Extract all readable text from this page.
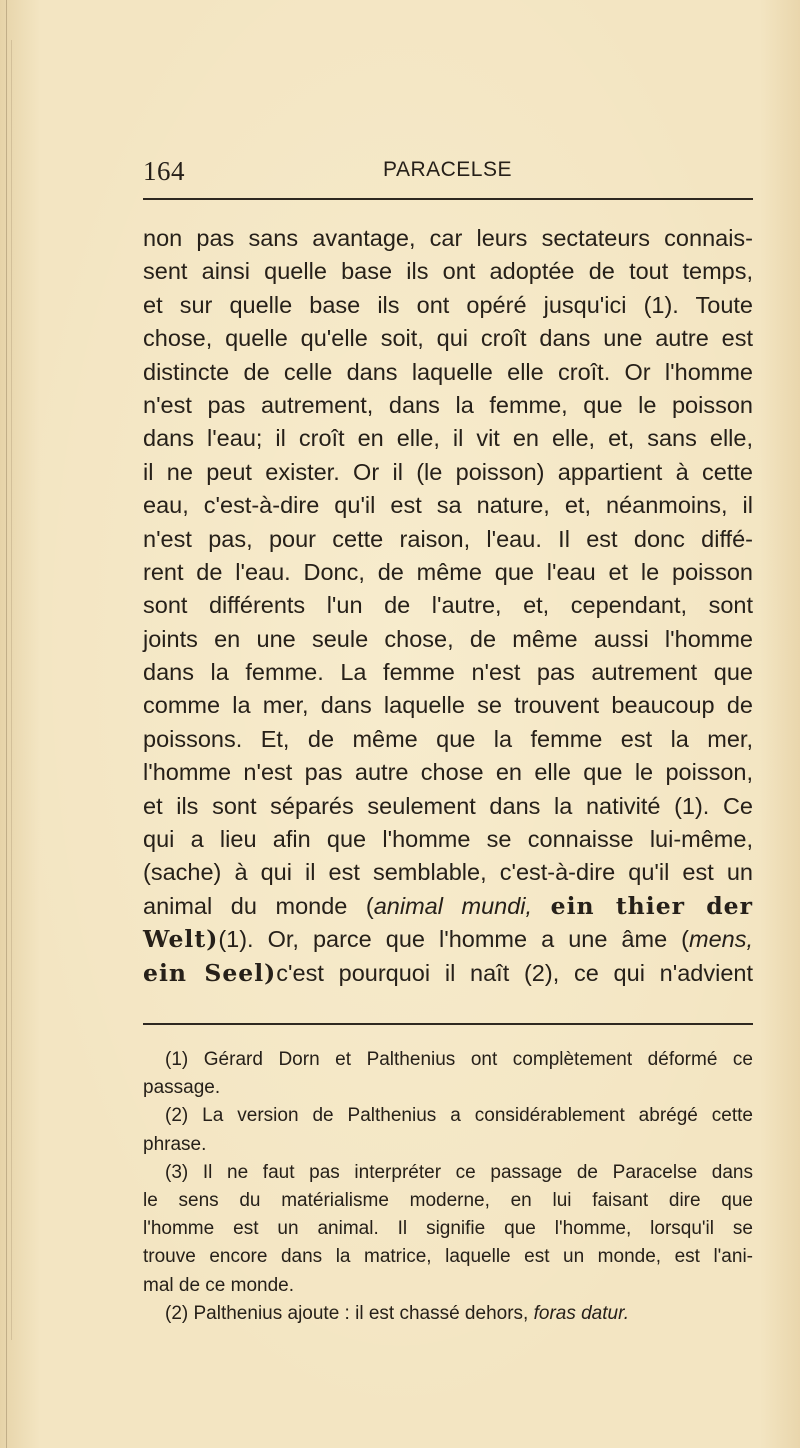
164	PARACELSE
non pas sans avantage, car leurs sectateurs connais-
sent ainsi quelle base ils ont adoptée de tout temps,
et sur quelle base ils ont opéré jusqu'ici (1). Toute
chose, quelle qu'elle soit, qui croît dans une autre est
distincte de celle dans laquelle elle croît. Or l'homme
n'est pas autrement, dans la femme, que le poisson
dans l'eau; il croît en elle, il vit en elle, et, sans elle,
il ne peut exister. Or il (le poisson) appartient à cette
eau, c'est-à-dire qu'il est sa nature, et, néanmoins, il
n'est pas, pour cette raison, l'eau. Il est donc diffé-
rent de l'eau. Donc, de même que l'eau et le poisson
sont différents l'un de l'autre, et, cependant, sont
joints en une seule chose, de même aussi l'homme
dans la femme. La femme n'est pas autrement que
comme la mer, dans laquelle se trouvent beaucoup de
poissons. Et, de même que la femme est la mer,
l'homme n'est pas autre chose en elle que le poisson,
et ils sont séparés seulement dans la nativité (1). Ce
qui a lieu afin que l'homme se connaisse lui-même,
(sache) à qui il est semblable, c'est-à-dire qu'il est un
animal du monde (animal mundi, ein thier der
Welt)(1). Or, parce que l'homme a une âme (mens,
ein Seel)c'est pourquoi il naît (2), ce qui n'advient
(1) Gérard Dorn et Palthenius ont complètement déformé ce
passage.
(2) La version de Palthenius a considérablement abrégé cette
phrase.
(3) Il ne faut pas interpréter ce passage de Paracelse dans
le sens du matérialisme moderne, en lui faisant dire que
l'homme est un animal. Il signifie que l'homme, lorsqu'il se
trouve encore dans la matrice, laquelle est un monde, est l'ani-
mal de ce monde.
(2) Palthenius ajoute : il est chassé dehors, foras datur.
